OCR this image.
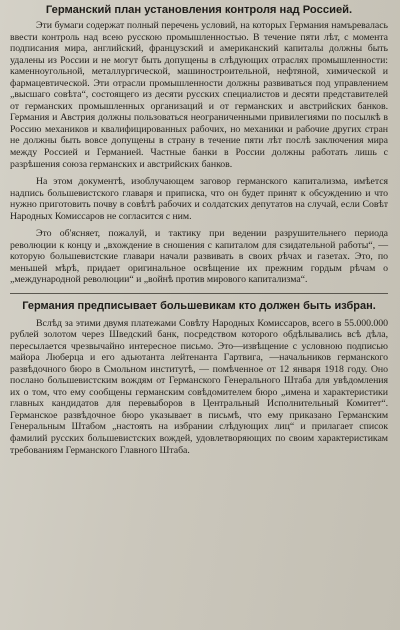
Германский план установления контроля над Россией.

Эти бумаги содержат полный перечень условий, на которых Германия намъревалась ввести контроль над всею русскою промышленностью. В течение пяти лѣт, с момента подписания мира, английский, французский и американский капиталы должны быть удалены из России и не могут быть допущены в слѣдующих отраслях промышленности: каменноугольной, металлургической, машиностроительной, нефтяной, химической и фармацевтической. Эти отрасли промышленности должны развиваться под управлением „высшаго совѣта“, состоящего из десяти русских специалистов и десяти представителей от германских промышленных организаций и от германских и австрийских банков. Германия и Австрия должны пользоваться неограниченными привилегиями по посылкѣ в Россию механиков и квалифицированных рабочих, но механики и рабочие других стран не должны быть вовсе допущены в страну в течение пяти лѣт послѣ заключения мира между Россией и Германией. Частные банки в России должны работать лишь с разрѣшения союза германских и австрийских банков.

На этом документѣ, изоблучающем заговор германского капитализма, имѣется надпись большевистского главаря и приписка, что он будет принят к обсуждению и что нужно приготовить почву в совѣтѣ рабочих и солдатских депутатов на случай, если Совѣт Народных Комиссаров не согласится с ним.

Это об'ясняет, пожалуй, и тактику при ведении разрушительнего периода революции к концу и „вхождение в сношения с капиталом для сзидательной работы“, — которую большевистские главари начали развивать в своих рѣчах и газетах. Это, по меньшей мѣрѣ, придает оригинальное освѣщение их прежним гордым рѣчам о „международной революции“ и „войнѣ против мирового капитализма“.

Германия предписывает большевикам кто должен быть избран.

Вслѣд за этими двумя платежами Совѣту Народных Комиссаров, всего в 55.000.000 рублей золотом через Шведский банк, посредством которого обдѣлывались всѣ дѣла, пересылается чрезвычайно интересное письмо. Это—извѣщение с условною подписью майора Люберца и его адьютанта лейтенанта Гартвига, —начальников германского развѣдочного бюро в Смольном институтѣ, — помѣченное от 12 января 1918 году. Оно послано большевистским вождям от Германского Генерального Штаба для увѣдомления их о том, что ему сообщены германским совѣдомителем бюро „имена и характеристики главных кандидатов для перевыборов в Центральный Исполнительный Комитет“. Германское развѣдочное бюро указывает в письмѣ, что ему приказано Германским Генеральным Штабом „настоять на избрании слѣдующих лиц“ и прилагает список фамилий русских большевистских вождей, удовлетворяющих по своим характеристикам требованиям Германского Главного Штаба.
